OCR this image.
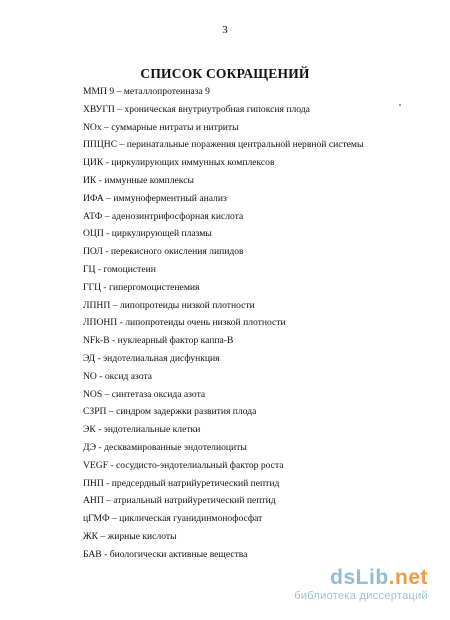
3
СПИСОК СОКРАЩЕНИЙ
ММП 9 – металлопротеиназа 9
ХВУГП – хроническая внутриутробная гипоксия плода
NOx – суммарные нитраты и нитриты
ППЦНС – перинатальные поражения центральной нервной системы
ЦИК - циркулирующих иммунных комплексов
ИК - иммунные комплексы
ИФА – иммуноферментный анализ
АТФ – аденозинтрифосфорная кислота
ОЦП - циркулирующей плазмы
ПОЛ - перекисного окисления липидов
ГЦ - гомоцистеин
ГГЦ - гипергомоцистенемия
ЛПНП – липопротеиды низкой плотности
ЛПОНП - липопротеиды очень низкой плотности
NFk-B - нуклеарный фактор каппа-В
ЭД - эндотелиальная дисфункция
NO - оксид азота
NOS – синтетаза оксида азота
СЗРП – синдром задержки развития плода
ЭК - эндотелиальные клетки
ДЭ - десквамированные эндотелиоциты
VEGF - сосудисто-эндотелиальный фактор роста
ПНП - предсердный натрийуретический пептид
АНП – атриальный натрийуретический пептид
цГМФ – циклическая гуанидинмонофосфат
ЖК – жирные кислоты
БАВ - биологически активные вещества
dsLib.net
библиотека диссертаций
